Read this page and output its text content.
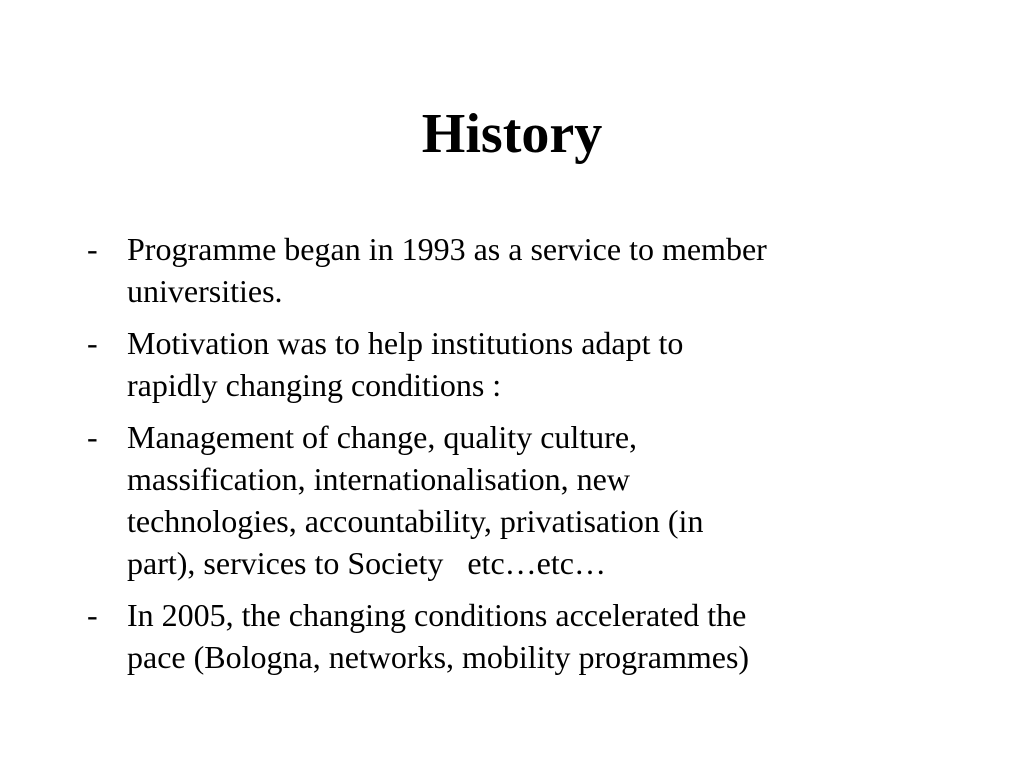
History
- Programme began in 1993 as a service to member
universities.
- Motivation was to help institutions adapt to
rapidly changing conditions :
- Management of change, quality culture,
massification, internationalisation, new
technologies, accountability, privatisation (in
part), services to Society   etc…etc…
- In 2005, the changing conditions accelerated the
pace (Bologna, networks, mobility programmes)
